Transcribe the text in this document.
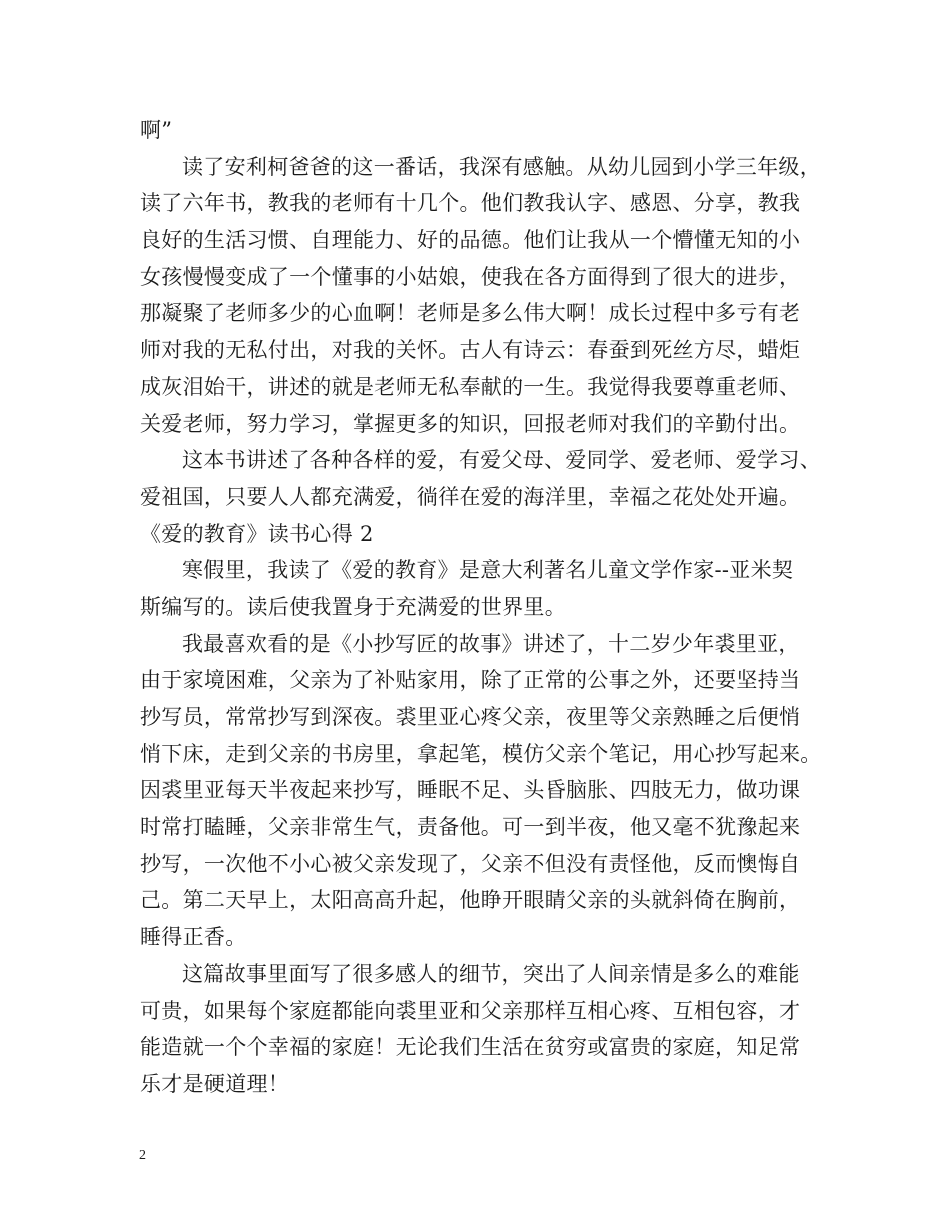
啊”
读了安利柯爸爸的这一番话，我深有感触。从幼儿园到小学三年级，
读了六年书，教我的老师有十几个。他们教我认字、感恩、分享，教我
良好的生活习惯、自理能力、好的品德。他们让我从一个懵懂无知的小
女孩慢慢变成了一个懂事的小姑娘，使我在各方面得到了很大的进步，
那凝聚了老师多少的心血啊！老师是多么伟大啊！成长过程中多亏有老
师对我的无私付出，对我的关怀。古人有诗云：春蚕到死丝方尽，蜡炬
成灰泪始干，讲述的就是老师无私奉献的一生。我觉得我要尊重老师、
关爱老师，努力学习，掌握更多的知识，回报老师对我们的辛勤付出。
这本书讲述了各种各样的爱，有爱父母、爱同学、爱老师、爱学习、
爱祖国，只要人人都充满爱，徜徉在爱的海洋里，幸福之花处处开遍。
《爱的教育》读书心得 2
寒假里，我读了《爱的教育》是意大利著名儿童文学作家--亚米契
斯编写的。读后使我置身于充满爱的世界里。
我最喜欢看的是《小抄写匠的故事》讲述了，十二岁少年裘里亚，
由于家境困难，父亲为了补贴家用，除了正常的公事之外，还要坚持当
抄写员，常常抄写到深夜。裘里亚心疼父亲，夜里等父亲熟睡之后便悄
悄下床，走到父亲的书房里，拿起笔，模仿父亲个笔记，用心抄写起来。
因裘里亚每天半夜起来抄写，睡眠不足、头昏脑胀、四肢无力，做功课
时常打瞌睡，父亲非常生气，责备他。可一到半夜，他又毫不犹豫起来
抄写，一次他不小心被父亲发现了，父亲不但没有责怪他，反而懊悔自
己。第二天早上，太阳高高升起，他睁开眼睛父亲的头就斜倚在胸前，
睡得正香。
这篇故事里面写了很多感人的细节，突出了人间亲情是多么的难能
可贵，如果每个家庭都能向裘里亚和父亲那样互相心疼、互相包容，才
能造就一个个幸福的家庭！无论我们生活在贫穷或富贵的家庭，知足常
乐才是硬道理！
2
